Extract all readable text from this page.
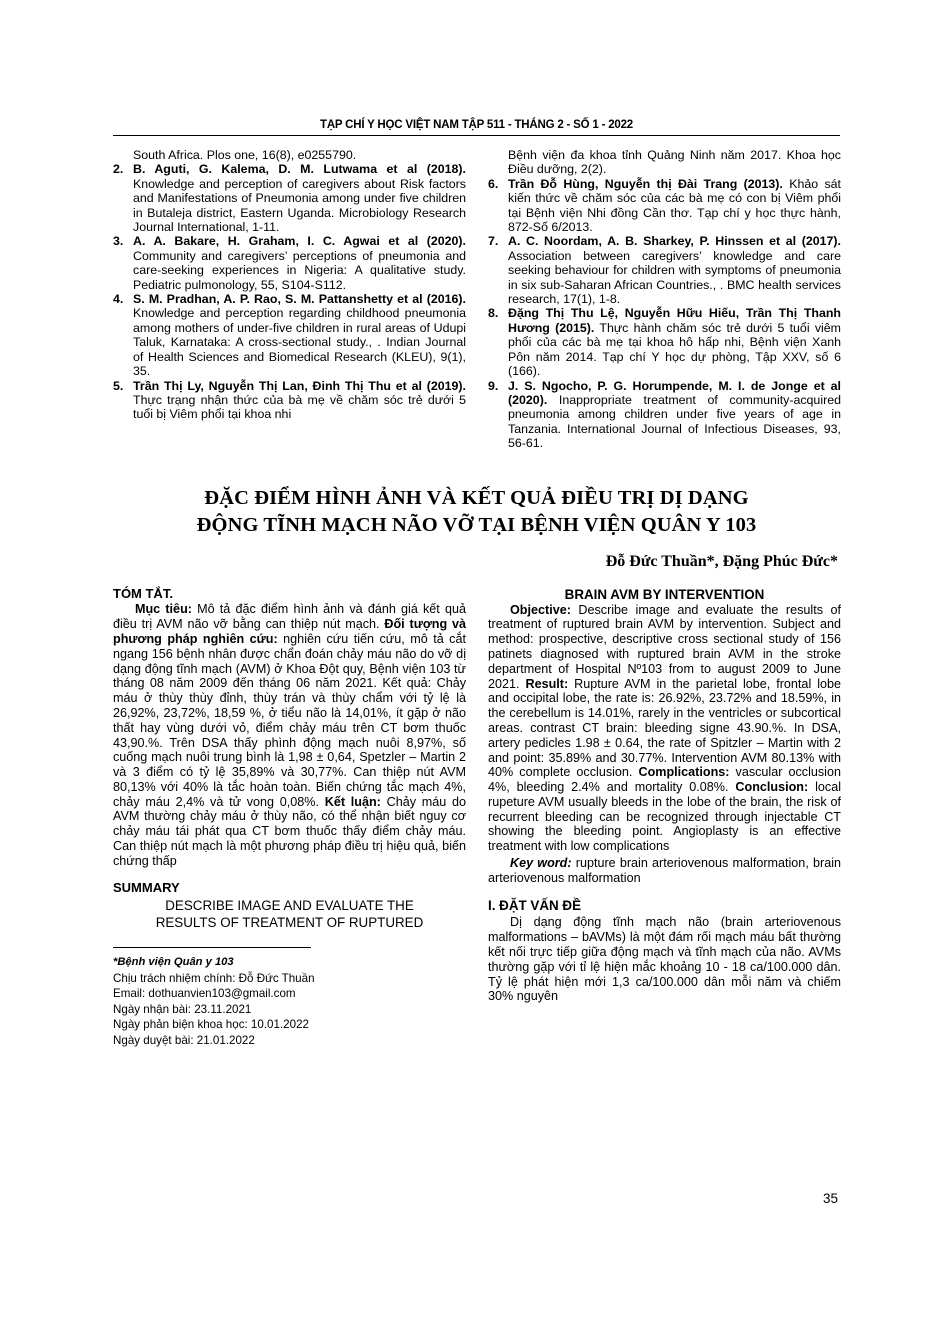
TẠP CHÍ Y HỌC VIỆT NAM TẬP 511 - THÁNG 2 - SỐ 1 - 2022
South Africa. Plos one, 16(8), e0255790.
2. B. Aguti, G. Kalema, D. M. Lutwama et al (2018). Knowledge and perception of caregivers about Risk factors and Manifestations of Pneumonia among under five children in Butaleja district, Eastern Uganda. Microbiology Research Journal International, 1-11.
3. A. A. Bakare, H. Graham, I. C. Agwai et al (2020). Community and caregivers’ perceptions of pneumonia and care-seeking experiences in Nigeria: A qualitative study. Pediatric pulmonology, 55, S104-S112.
4. S. M. Pradhan, A. P. Rao, S. M. Pattanshetty et al (2016). Knowledge and perception regarding childhood pneumonia among mothers of under-five children in rural areas of Udupi Taluk, Karnataka: A cross-sectional study., . Indian Journal of Health Sciences and Biomedical Research (KLEU), 9(1), 35.
5. Trần Thị Ly, Nguyễn Thị Lan, Đinh Thị Thu et al (2019). Thực trạng nhận thức của bà mẹ về chăm sóc trẻ dưới 5 tuổi bị Viêm phổi tại khoa nhi
Bệnh viện đa khoa tỉnh Quảng Ninh năm 2017. Khoa học Điều dưỡng, 2(2).
6. Trần Đỗ Hùng, Nguyễn thị Đài Trang (2013). Khảo sát kiến thức về chăm sóc của các bà mẹ có con bị Viêm phổi tại Bệnh viện Nhi đồng Cần thơ. Tạp chí y học thực hành, 872-Số 6/2013.
7. A. C. Noordam, A. B. Sharkey, P. Hinssen et al (2017). Association between caregivers’ knowledge and care seeking behaviour for children with symptoms of pneumonia in six sub-Saharan African Countries., . BMC health services research, 17(1), 1-8.
8. Đặng Thị Thu Lệ, Nguyễn Hữu Hiếu, Trần Thị Thanh Hương (2015). Thực hành chăm sóc trẻ dưới 5 tuổi viêm phổi của các bà mẹ tại khoa hô hấp nhi, Bệnh viện Xanh Pôn năm 2014. Tạp chí Y học dự phòng, Tập XXV, số 6 (166).
9. J. S. Ngocho, P. G. Horumpende, M. I. de Jonge et al (2020). Inappropriate treatment of community-acquired pneumonia among children under five years of age in Tanzania. International Journal of Infectious Diseases, 93, 56-61.
ĐẶC ĐIỂM HÌNH ẢNH VÀ KẾT QUẢ ĐIỀU TRỊ DỊ DẠNG
ĐỘNG TĨNH MẠCH NÃO VỠ TẠI BỆNH VIỆN QUÂN Y 103
Đỗ Đức Thuần*, Đặng Phúc Đức*
TÓM TẮT.

Mục tiêu: Mô tả đặc điểm hình ảnh và đánh giá kết quả điều trị AVM não vỡ bằng can thiệp nút mạch. Đối tượng và phương pháp nghiên cứu: nghiên cứu tiến cứu, mô tả cắt ngang 156 bệnh nhân được chẩn đoán chảy máu não do vỡ dị dạng động tĩnh mạch (AVM) ở Khoa Đột quy, Bệnh viện 103 từ tháng 08 năm 2009 đến tháng 06 năm 2021. Kết quả: Chảy máu ở thùy thùy đỉnh, thùy trán và thùy chẩm với tỷ lệ là 26,92%, 23,72%, 18,59 %, ở tiểu não là 14,01%, ít gặp ở não thất hay vùng dưới vỏ, điểm chảy máu trên CT bơm thuốc 43,90.%. Trên DSA thấy phình động mạch nuôi 8,97%, số cuống mạch nuôi trung bình là 1,98 ± 0,64, Spetzler – Martin 2 và 3 điểm có tỷ lệ 35,89% và 30,77%. Can thiệp nút AVM 80,13% với 40% là tắc hoàn toàn. Biến chứng tắc mạch 4%, chảy máu 2,4% và tử vong 0,08%. Kết luận: Chảy máu do AVM thường chảy máu ở thùy não, có thể nhận biết nguy cơ chảy máu tái phát qua CT bơm thuốc thấy điểm chảy máu. Can thiệp nút mạch là một phương pháp điều trị hiệu quả, biến chứng thấp

SUMMARY
DESCRIBE IMAGE AND EVALUATE THE
RESULTS OF TREATMENT OF RUPTURED
*Bệnh viện Quân y 103
Chịu trách nhiệm chính: Đỗ Đức Thuần
Email: dothuanvien103@gmail.com
Ngày nhận bài: 23.11.2021
Ngày phản biện khoa học: 10.01.2022
Ngày duyệt bài: 21.01.2022
BRAIN AVM BY INTERVENTION

Objective: Describe image and evaluate the results of treatment of ruptured brain AVM by intervention. Subject and method: prospective, descriptive cross sectional study of 156 patinets diagnosed with ruptured brain AVM in the stroke department of Hospital Nº103 from to august 2009 to June 2021. Result: Rupture AVM in the parietal lobe, frontal lobe and occipital lobe, the rate is: 26.92%, 23.72% and 18.59%, in the cerebellum is 14.01%, rarely in the ventricles or subcortical areas. contrast CT brain: bleeding signe 43.90.%. In DSA, artery pedicles 1.98 ± 0.64, the rate of Spitzler – Martin with 2 and point: 35.89% and 30.77%. Intervention AVM 80.13% with 40% complete occlusion. Complications: vascular occlusion 4%, bleeding 2.4% and mortality 0.08%. Conclusion: local rupeture AVM usually bleeds in the lobe of the brain, the risk of recurrent bleeding can be recognized through injectable CT showing the bleeding point. Angioplasty is an effective treatment with low complications

Key word: rupture brain arteriovenous malformation, brain arteriovenous malformation

I. ĐẶT VẤN ĐỀ

Dị dạng động tĩnh mạch não (brain arteriovenous malformations – bAVMs) là một đám rối mạch máu bất thường kết nối trực tiếp giữa động mạch và tĩnh mạch của não. AVMs thường gặp với tỉ lệ hiện mắc khoảng 10 - 18 ca/100.000 dân. Tỷ lệ phát hiện mới 1,3 ca/100.000 dân mỗi năm và chiếm 30% nguyên

35
